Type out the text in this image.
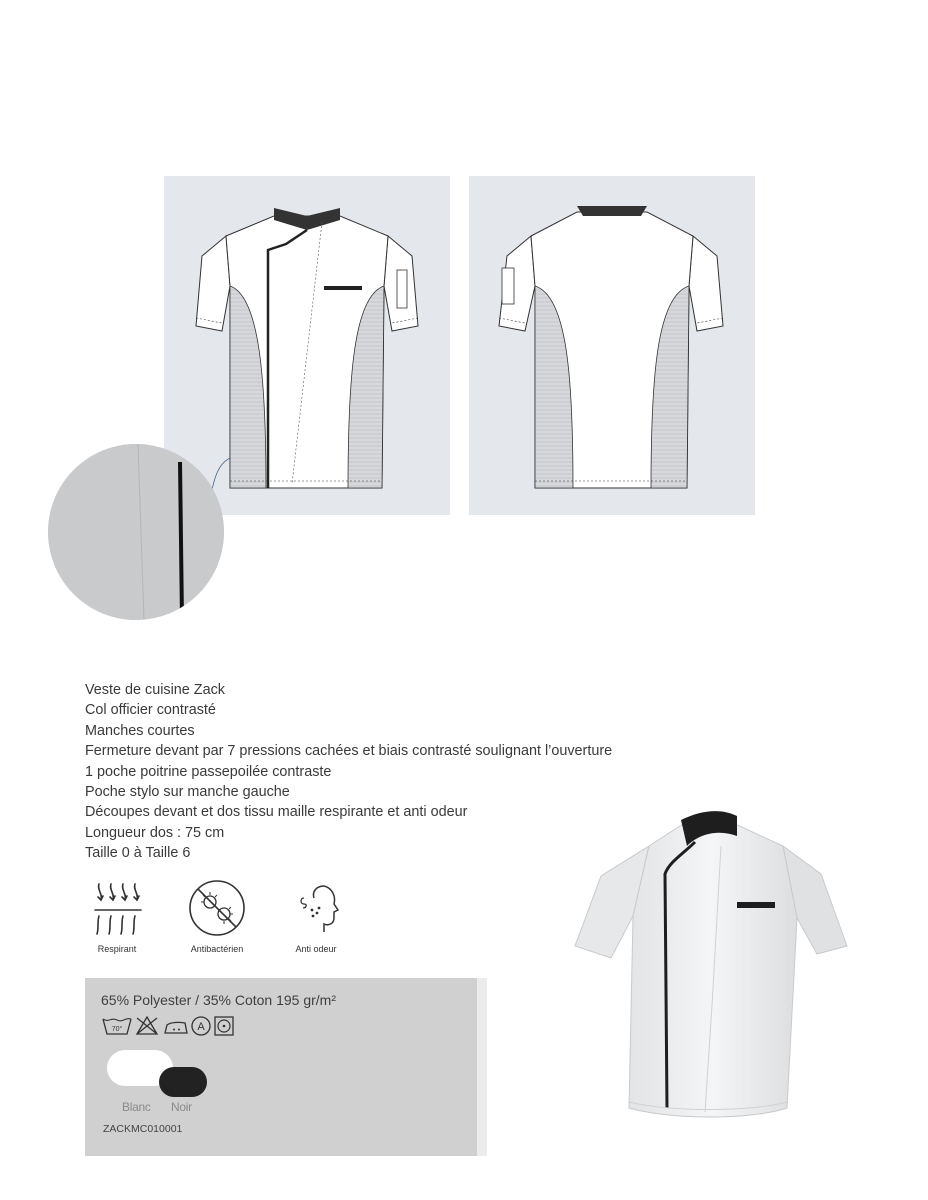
Veste de cuisine Zack
Col officier contrasté
Manches courtes
Fermeture devant par 7 pressions cachées et biais contrasté soulignant l’ouverture
1 poche poitrine passepoilée contraste
Poche stylo sur manche gauche
Découpes devant et dos tissu maille respirante et anti odeur
Longueur dos : 75 cm
Taille 0 à Taille 6
Respirant	Antibactérien	Anti odeur
65% Polyester / 35% Coton 195 gr/m²
70°	A
Blanc Noir
ZACKMC010001
